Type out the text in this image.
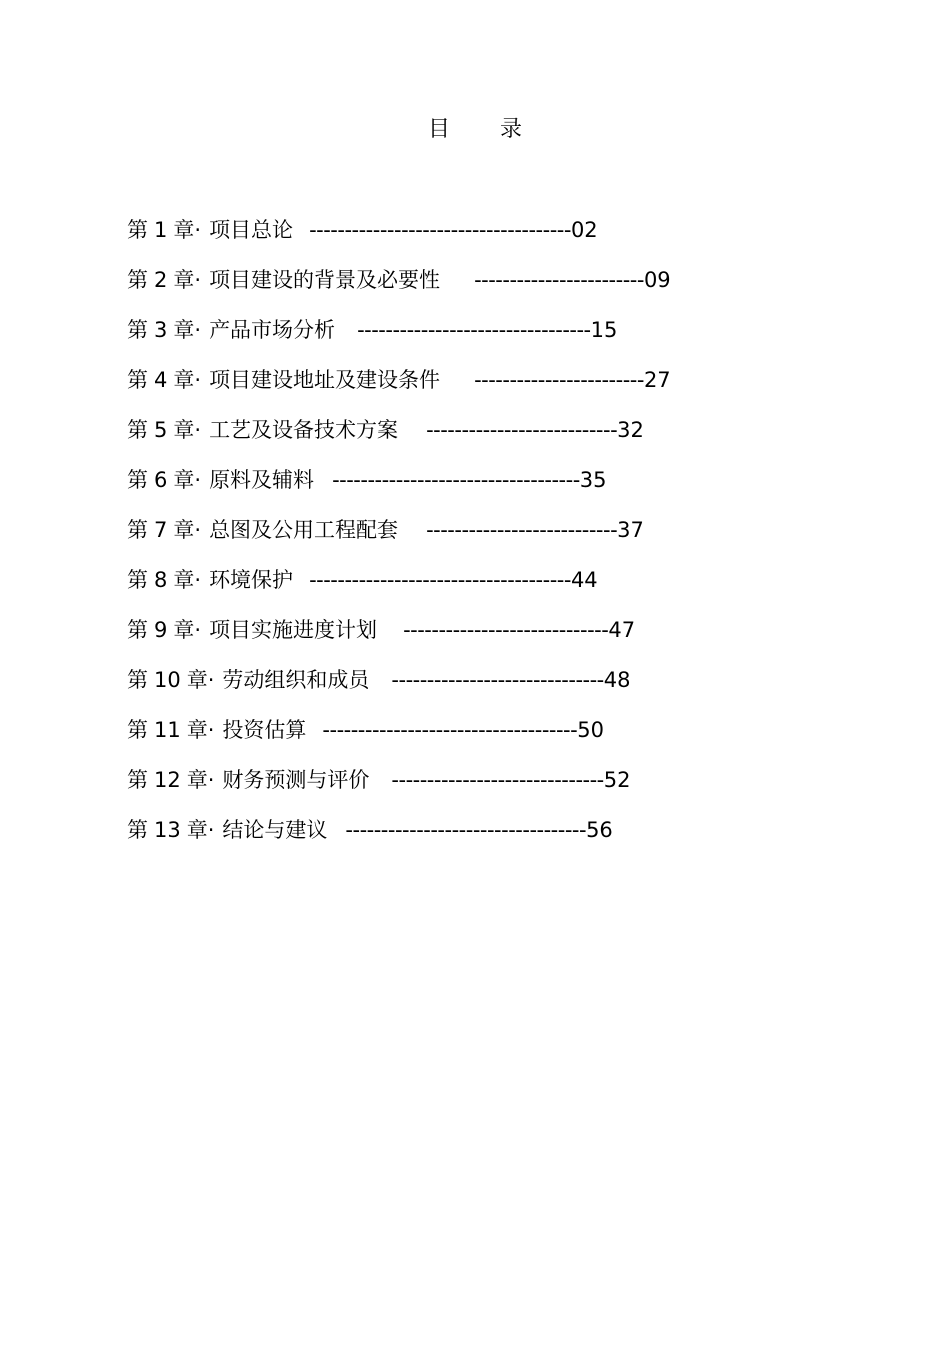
目 录
第 1 章· 项目总论 -------------------------------------02
第 2 章· 项目建设的背景及必要性 ------------------------09
第 3 章· 产品市场分析 ---------------------------------15
第 4 章· 项目建设地址及建设条件 ------------------------27
第 5 章· 工艺及设备技术方案 ---------------------------32
第 6 章· 原料及辅料 -----------------------------------35
第 7 章· 总图及公用工程配套 ---------------------------37
第 8 章· 环境保护 -------------------------------------44
第 9 章· 项目实施进度计划 -----------------------------47
第 10 章· 劳动组织和成员 ------------------------------48
第 11 章· 投资估算 ------------------------------------50
第 12 章· 财务预测与评价 ------------------------------52
第 13 章· 结论与建议 ----------------------------------56
